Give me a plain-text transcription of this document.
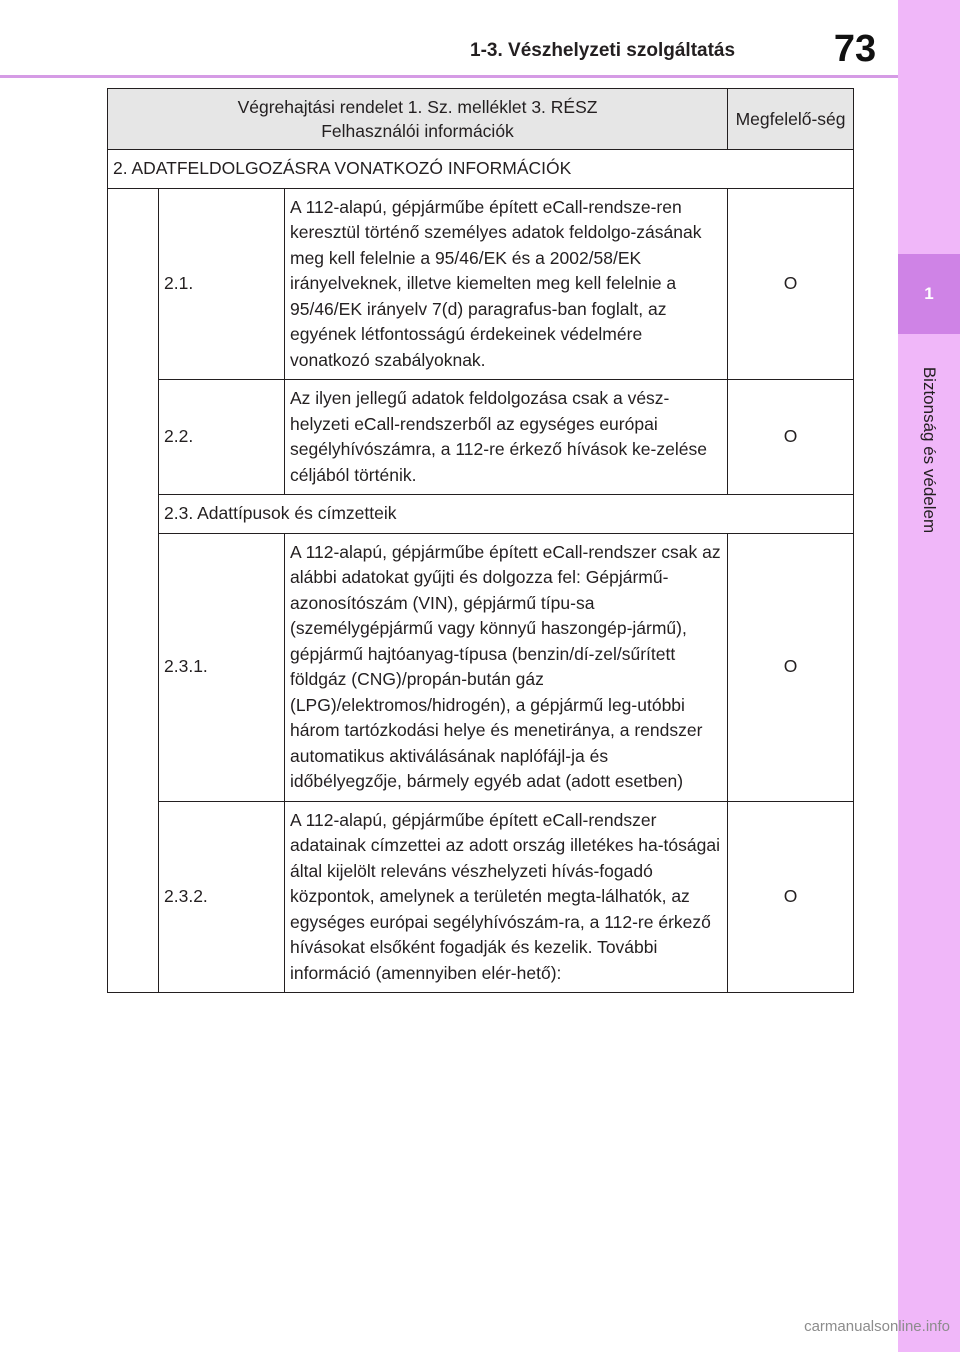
1-3. Vészhelyzeti szolgáltatás	73
1
Biztonság és védelem
Végrehajtási rendelet 1. Sz. melléklet 3. RÉSZ
Felhasználói információk			Megfelelő-ség
2. ADATFELDOLGOZÁSRA VONATKOZÓ INFORMÁCIÓK			
	2.1.	A 112-alapú, gépjárműbe épített eCall-rendsze-ren keresztül történő személyes adatok feldolgo-zásának meg kell felelnie a 95/46/EK és a 2002/58/EK irányelveknek, illetve kiemelten meg kell felelnie a 95/46/EK irányelv 7(d) paragrafus-ban foglalt, az egyének létfontosságú érdekeinek védelmére vonatkozó szabályoknak.	O
	2.2.	Az ilyen jellegű adatok feldolgozása csak a vész-helyzeti eCall-rendszerből az egységes európai segélyhívószámra, a 112-re érkező hívások ke-zelése céljából történik.	O
	2.3. Adattípusok és címzetteik		
	2.3.1.	A 112-alapú, gépjárműbe épített eCall-rendszer csak az alábbi adatokat gyűjti és dolgozza fel: Gépjármű-azonosítószám (VIN), gépjármű típu-sa (személygépjármű vagy könnyű haszongép-jármű), gépjármű hajtóanyag-típusa (benzin/dí-zel/sűrített földgáz (CNG)/propán-bután gáz (LPG)/elektromos/hidrogén), a gépjármű leg-utóbbi három tartózkodási helye és menetiránya, a rendszer automatikus aktiválásának naplófájl-ja és időbélyegzője, bármely egyéb adat (adott esetben)	O
	2.3.2.	A 112-alapú, gépjárműbe épített eCall-rendszer adatainak címzettei az adott ország illetékes ha-tóságai által kijelölt releváns vészhelyzeti hívás-fogadó központok, amelynek a területén megta-lálhatók, az egységes európai segélyhívószám-ra, a 112-re érkező hívásokat elsőként fogadják és kezelik. További információ (amennyiben elér-hető):	O
carmanualsonline.info
